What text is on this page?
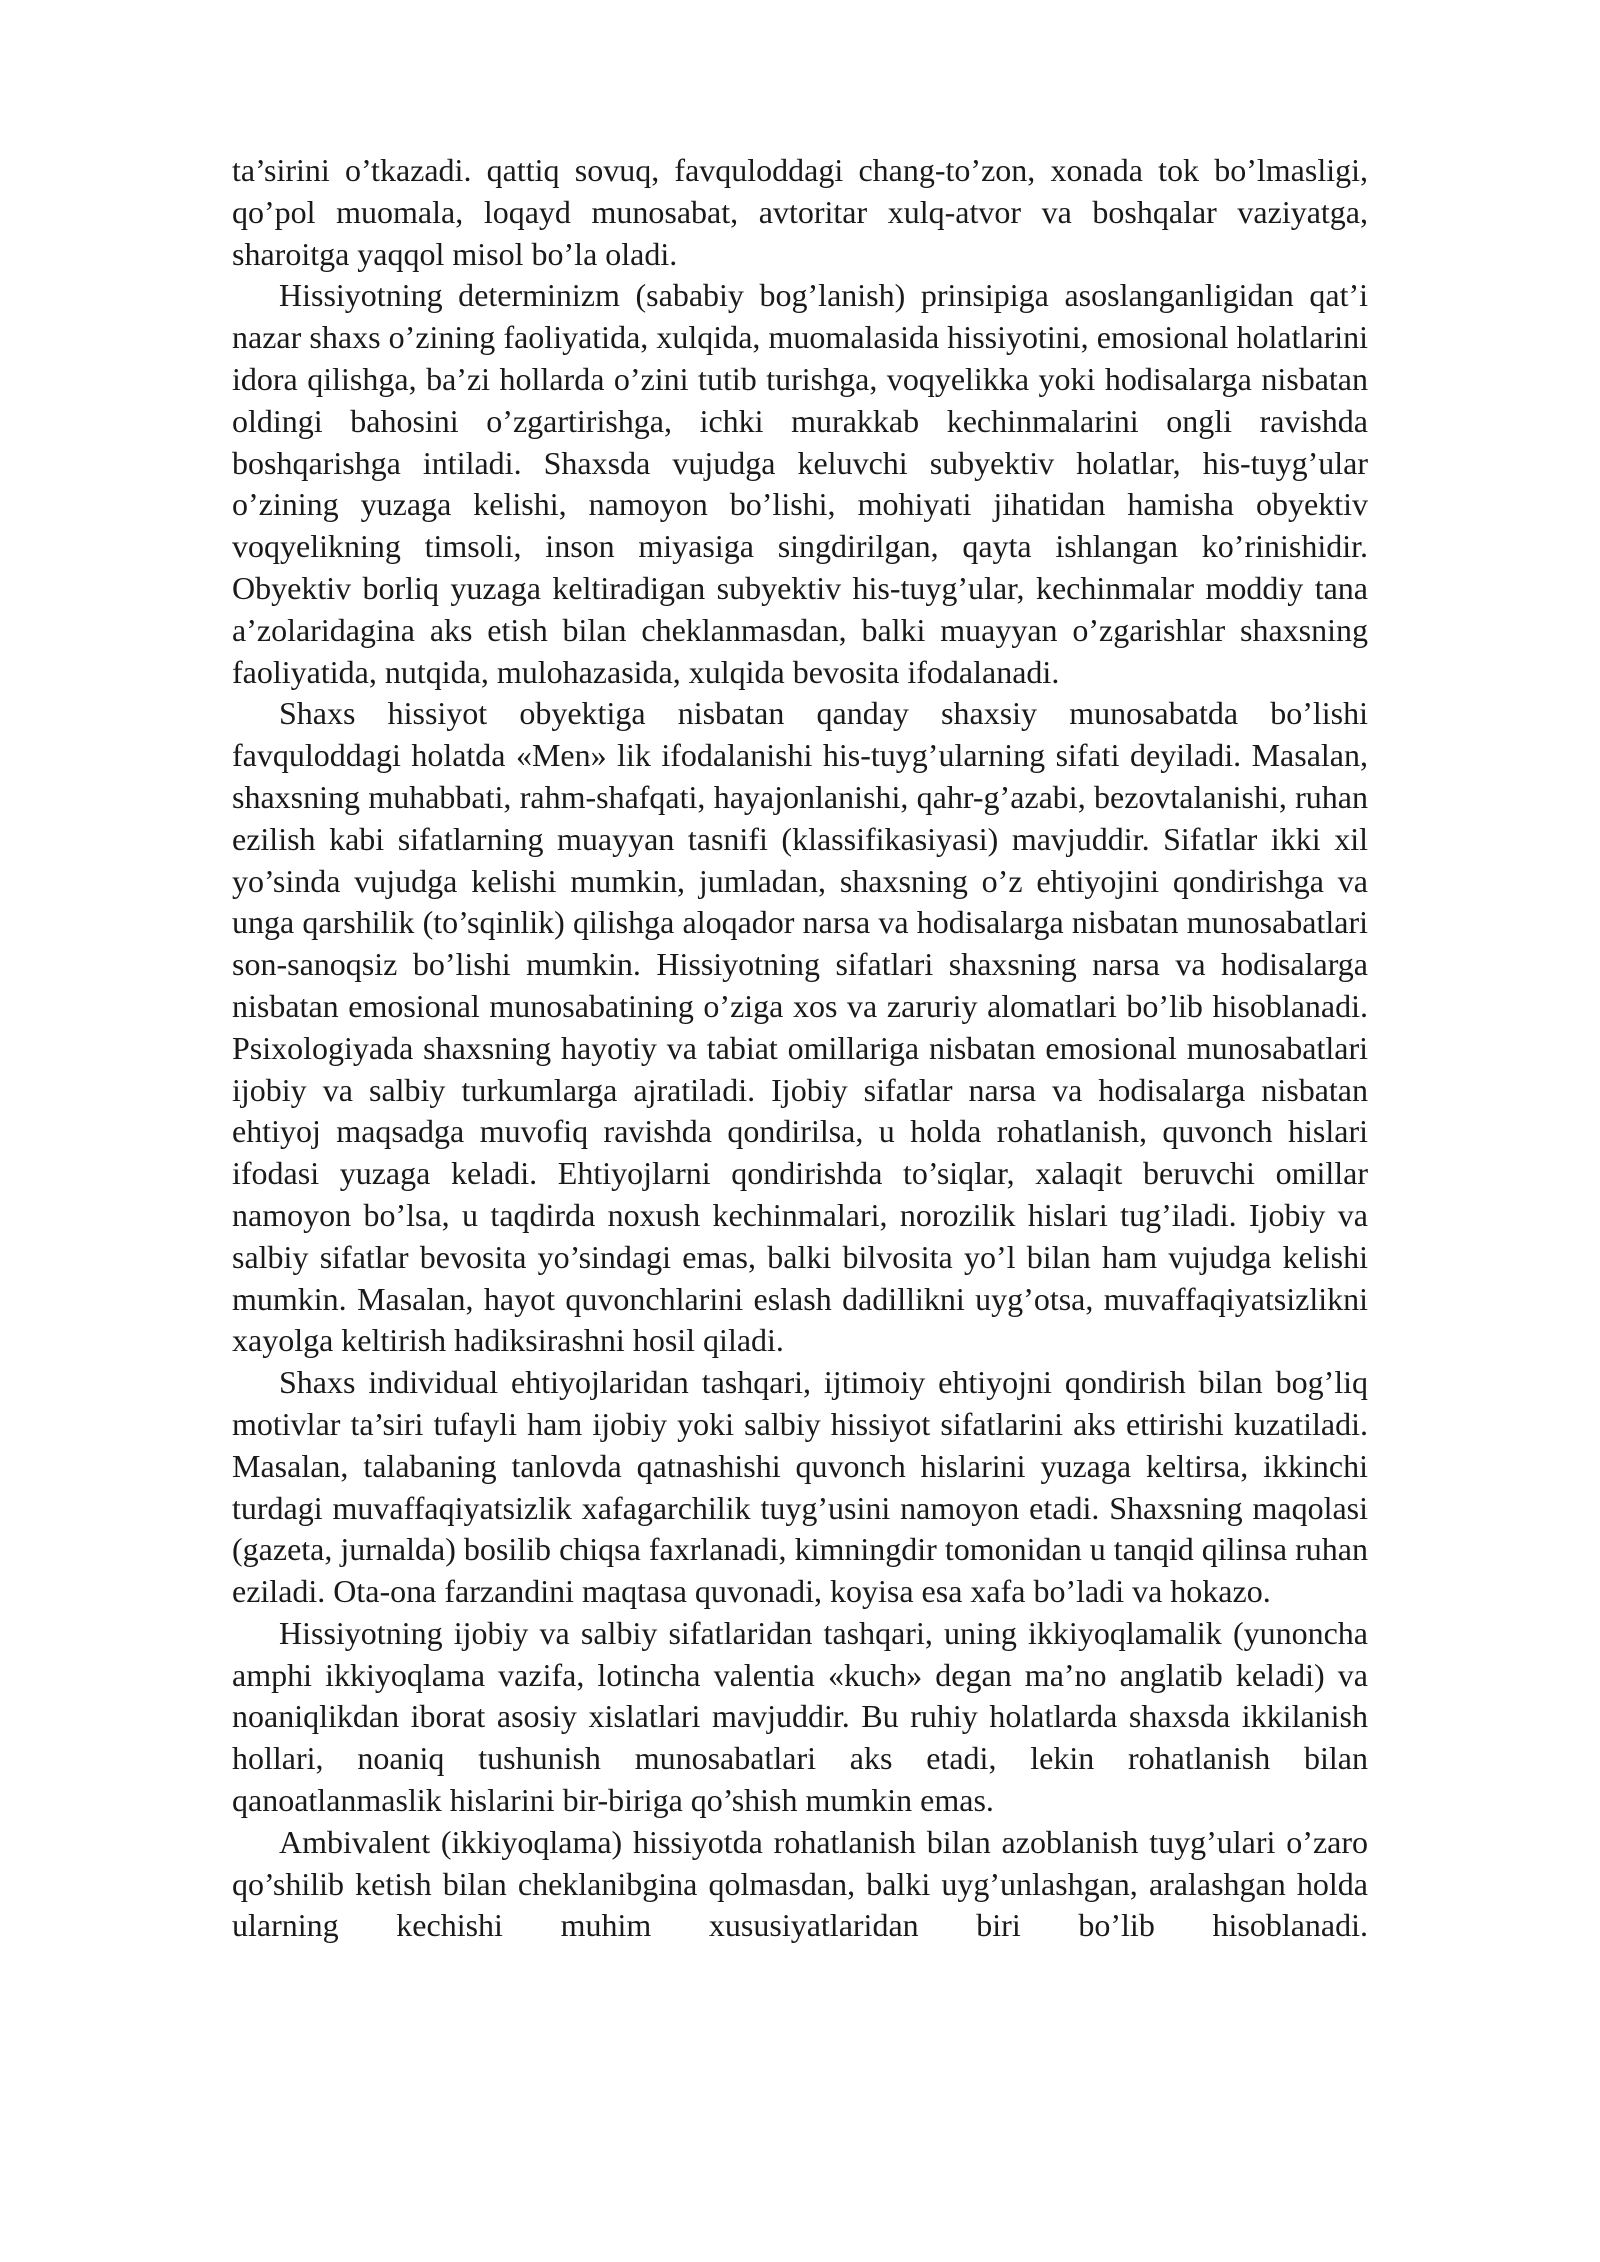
ta’sirini o’tkazadi. qattiq sovuq, favquloddagi chang-to’zon, xonada tok bo’lmasligi, qo’pol muomala, loqayd munosabat, avtoritar xulq-atvor va boshqalar vaziyatga, sharoitga yaqqol misol bo’la oladi.

Hissiyotning determinizm (sababiy bog’lanish) prinsipiga asoslanganligidan qat’i nazar shaxs o’zining faoliyatida, xulqida, muomalasida hissiyotini, emosional holatlarini idora qilishga, ba’zi hollarda o’zini tutib turishga, voqyelikka yoki hodisalarga nisbatan oldingi bahosini o’zgartirishga, ichki murakkab kechinmalarini ongli ravishda boshqarishga intiladi. Shaxsda vujudga keluvchi subyektiv holatlar, his-tuyg’ular o’zining yuzaga kelishi, namoyon bo’lishi, mohiyati jihatidan hamisha obyektiv voqyelikning timsoli, inson miyasiga singdirilgan, qayta ishlangan ko’rinishidir. Obyektiv borliq yuzaga keltiradigan subyektiv his-tuyg’ular, kechinmalar moddiy tana a’zolaridagina aks etish bilan cheklanmasdan, balki muayyan o’zgarishlar shaxsning faoliyatida, nutqida, mulohazasida, xulqida bevosita ifodalanadi.

Shaxs hissiyot obyektiga nisbatan qanday shaxsiy munosabatda bo’lishi favquloddagi holatda «Men» lik ifodalanishi his-tuyg’ularning sifati deyiladi. Masalan, shaxsning muhabbati, rahm-shafqati, hayajonlanishi, qahr-g’azabi, bezovtalanishi, ruhan ezilish kabi sifatlarning muayyan tasnifi (klassifikasiyasi) mavjuddir. Sifatlar ikki xil yo’sinda vujudga kelishi mumkin, jumladan, shaxsning o’z ehtiyojini qondirishga va unga qarshilik (to’sqinlik) qilishga aloqador narsa va hodisalarga nisbatan munosabatlari son-sanoqsiz bo’lishi mumkin. Hissiyotning sifatlari shaxsning narsa va hodisalarga nisbatan emosional munosabatining o’ziga xos va zaruriy alomatlari bo’lib hisoblanadi. Psixologiyada shaxsning hayotiy va tabiat omillariga nisbatan emosional munosabatlari ijobiy va salbiy turkumlarga ajratiladi. Ijobiy sifatlar narsa va hodisalarga nisbatan ehtiyoj maqsadga muvofiq ravishda qondirilsa, u holda rohatlanish, quvonch hislari ifodasi yuzaga keladi. Ehtiyojlarni qondirishda to’siqlar, xalaqit beruvchi omillar namoyon bo’lsa, u taqdirda noxush kechinmalari, norozilik hislari tug’iladi. Ijobiy va salbiy sifatlar bevosita yo’sindagi emas, balki bilvosita yo’l bilan ham vujudga kelishi mumkin. Masalan, hayot quvonchlarini eslash dadillikni uyg’otsa, muvaffaqiyatsizlikni xayolga keltirish hadiksirashni hosil qiladi.

Shaxs individual ehtiyojlaridan tashqari, ijtimoiy ehtiyojni qondirish bilan bog’liq motivlar ta’siri tufayli ham ijobiy yoki salbiy hissiyot sifatlarini aks ettirishi kuzatiladi. Masalan, talabaning tanlovda qatnashishi quvonch hislarini yuzaga keltirsa, ikkinchi turdagi muvaffaqiyatsizlik xafagarchilik tuyg’usini namoyon etadi. Shaxsning maqolasi (gazeta, jurnalda) bosilib chiqsa faxrlanadi, kimningdir tomonidan u tanqid qilinsa ruhan eziladi. Ota-ona farzandini maqtasa quvonadi, koyisa esa xafa bo’ladi va hokazo.

Hissiyotning ijobiy va salbiy sifatlaridan tashqari, uning ikkiyoqlamalik (yunoncha amphi ikkiyoqlama vazifa, lotincha valentia «kuch» degan ma’no anglatib keladi) va noaniqlikdan iborat asosiy xislatlari mavjuddir. Bu ruhiy holatlarda shaxsda ikkilanish hollari, noaniq tushunish munosabatlari aks etadi, lekin rohatlanish bilan qanoatlanmaslik hislarini bir-biriga qo’shish mumkin emas.

Ambivalent (ikkiyoqlama) hissiyotda rohatlanish bilan azoblanish tuyg’ulari o’zaro qo’shilib ketish bilan cheklanibgina qolmasdan, balki uyg’unlashgan, aralashgan holda ularning kechishi muhim xususiyatlaridan biri bo’lib hisoblanadi.
